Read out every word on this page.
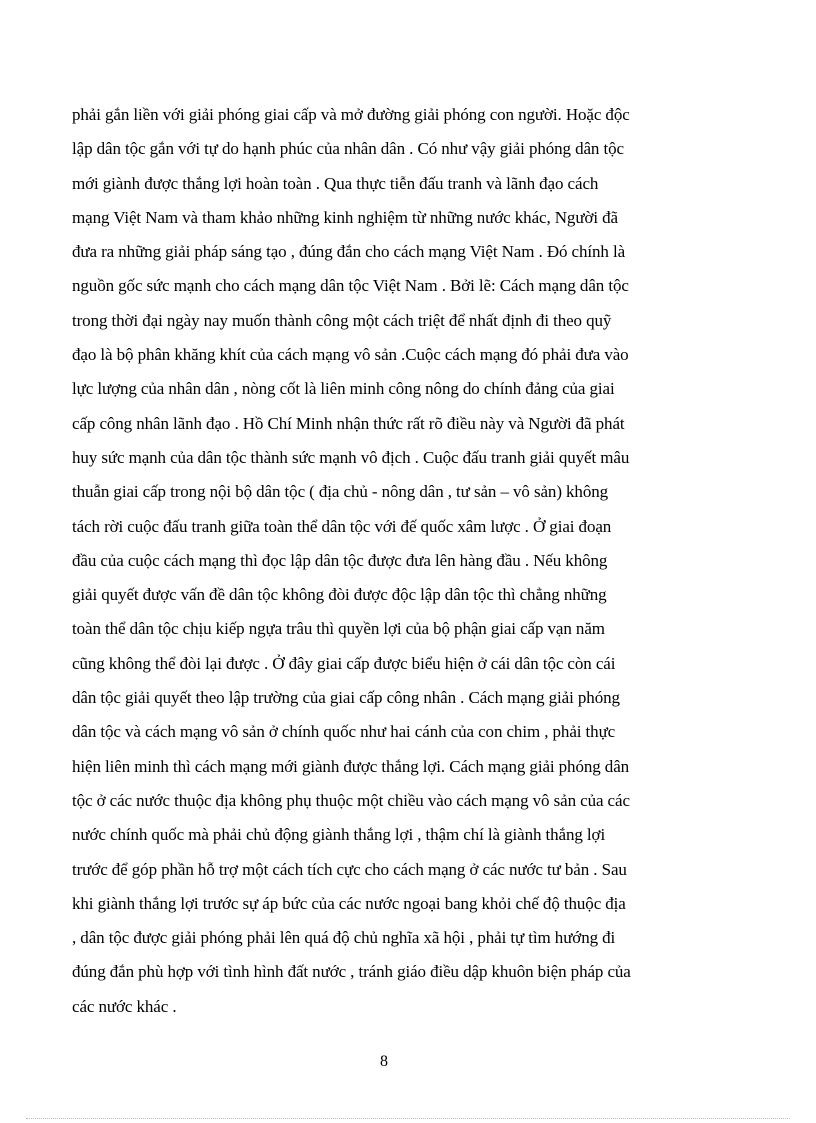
phải gắn liền với giải phóng giai cấp và mở đường giải phóng con người. Hoặc độc
lập dân tộc gắn với tự do hạnh phúc của nhân dân . Có như vậy giải phóng dân tộc
mới giành được thắng lợi hoàn toàn . Qua thực tiễn đấu tranh và lãnh đạo cách
mạng Việt Nam và tham khảo những kinh nghiệm từ những nước khác, Người đã
đưa ra những giải pháp sáng tạo , đúng đắn cho cách mạng Việt Nam . Đó chính là
nguồn gốc sức mạnh cho cách mạng dân tộc Việt Nam . Bởi lẽ: Cách mạng dân tộc
trong thời đại ngày nay muốn thành công một cách triệt để nhất định đi theo quỹ
đạo là bộ phân khăng khít của cách mạng vô sản .Cuộc cách mạng đó phải đưa vào
lực lượng của nhân dân , nòng cốt là liên minh công nông do chính đảng của giai
cấp công nhân lãnh đạo . Hồ Chí Minh nhận thức rất rõ điều này và Người đã phát
huy sức mạnh của dân tộc thành sức mạnh vô địch . Cuộc đấu tranh giải quyết mâu
thuẫn giai cấp trong nội bộ dân tộc ( địa chủ - nông dân , tư sản – vô sản) không
tách rời cuộc đấu tranh giữa toàn thể dân tộc với đế quốc xâm lược . Ở giai đoạn
đầu của cuộc cách mạng thì đọc lập dân tộc được đưa lên hàng đầu . Nếu không
giải quyết được vấn đề dân tộc không đòi được độc lập dân tộc thì chẳng những
toàn thể dân tộc chịu kiếp ngựa trâu thì quyền lợi của bộ phận giai cấp vạn năm
cũng không thể đòi lại được . Ở đây giai cấp được biểu hiện ở cái dân tộc còn cái
dân tộc giải quyết theo lập trường của giai cấp công nhân . Cách mạng giải phóng
dân tộc và cách mạng vô sản ở chính quốc như hai cánh của con chim , phải thực
hiện liên minh thì cách mạng mới giành được thắng lợi. Cách mạng giải phóng dân
tộc ở các nước thuộc địa không phụ thuộc một chiều vào cách mạng vô sản của các
nước chính quốc mà phải chủ động giành thắng lợi , thậm chí là giành thắng lợi
trước để góp phần hỗ trợ một cách tích cực cho cách mạng ở các nước tư bản . Sau
khi giành thắng lợi trước sự áp bức của các nước ngoại bang khỏi chế độ thuộc địa
, dân tộc được giải phóng phải lên quá độ chủ nghĩa xã hội , phải tự tìm hướng đi
đúng đắn phù hợp với tình hình đất nước , tránh giáo điều dập khuôn biện pháp của
các nước khác .
8
